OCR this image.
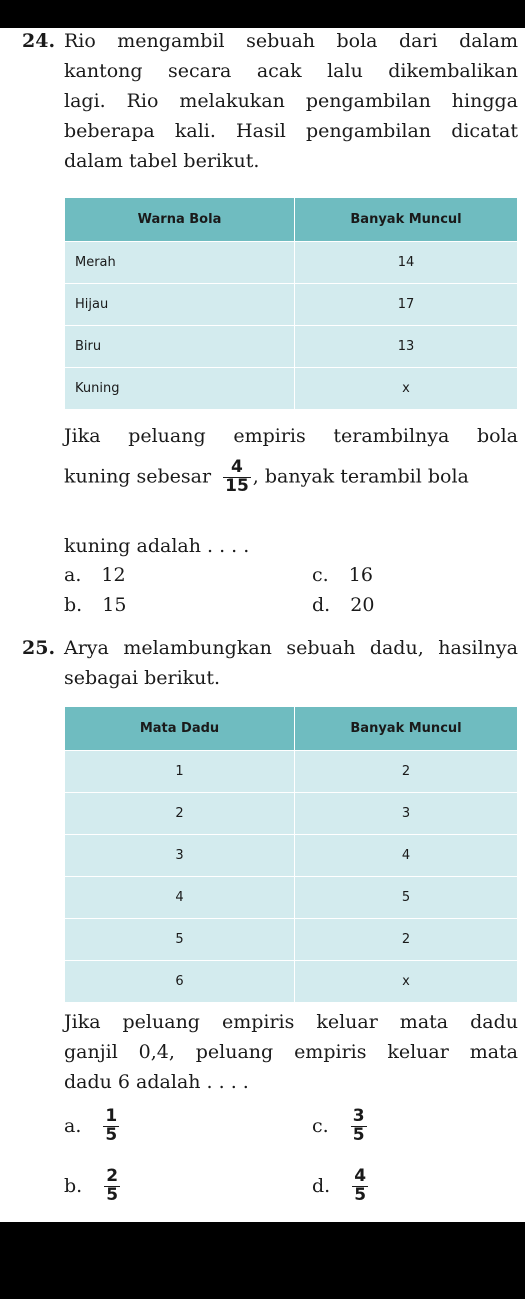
24. Rio mengambil sebuah bola dari dalam
kantong secara acak lalu dikembalikan
lagi. Rio melakukan pengambilan hingga
beberapa kali. Hasil pengambilan dicatat
dalam tabel berikut.
Warna Bola	Banyak Muncul
Merah	14
Hijau	17
Biru	13
Kuning	x
Jika peluang empiris terambilnya bola
kuning sebesar $\frac{4}{15}$ , banyak terambil bola
kuning adalah . . . .
a. 12	c. 16
b. 15	d. 20
25. Arya melambungkan sebuah dadu, hasilnya
sebagai berikut.
Mata Dadu	Banyak Muncul
1	2
2	3
3	4
4	5
5	2
6	x
Jika peluang empiris keluar mata dadu
ganjil 0,4, peluang empiris keluar mata
dadu 6 adalah . . . .
a. $\frac{1}{5}$	c. $\frac{3}{5}$
b. $\frac{2}{5}$	d. $\frac{4}{5}$
